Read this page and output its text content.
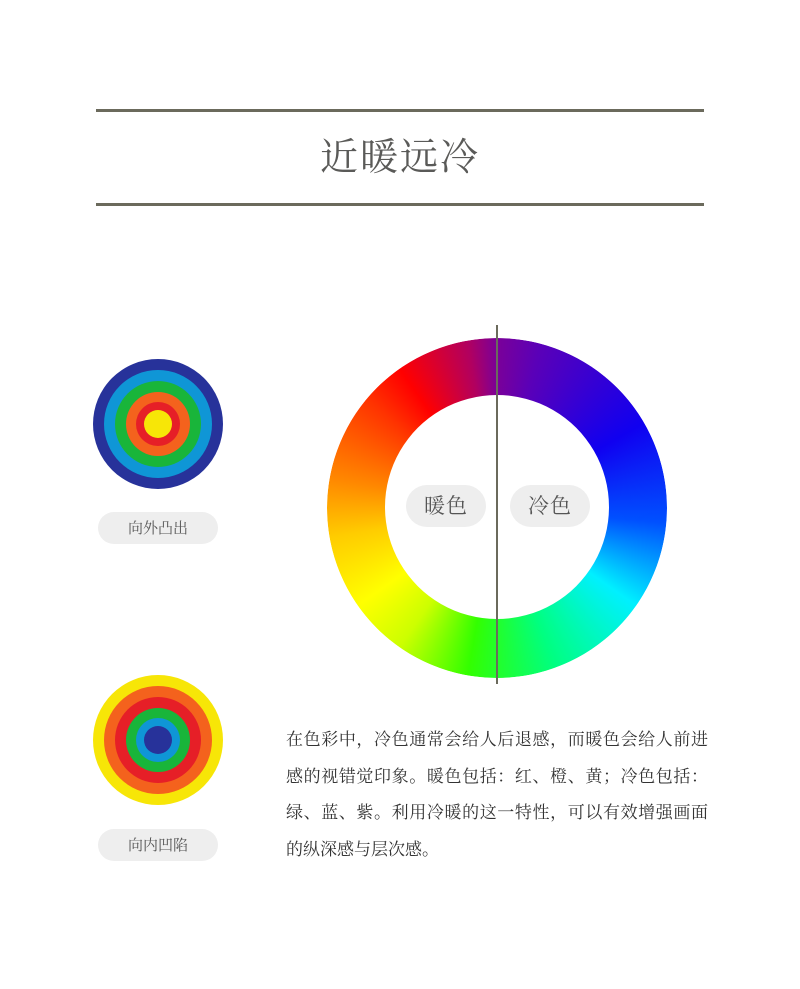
近暖远冷
向外凸出
向内凹陷
暖色	冷色

在色彩中，冷色通常会给人后退感，而暖色会给人前进感的视错觉印象。暖色包括：红、橙、黄；冷色包括：绿、蓝、紫。利用冷暖的这一特性，可以有效增强画面的纵深感与层次感。
